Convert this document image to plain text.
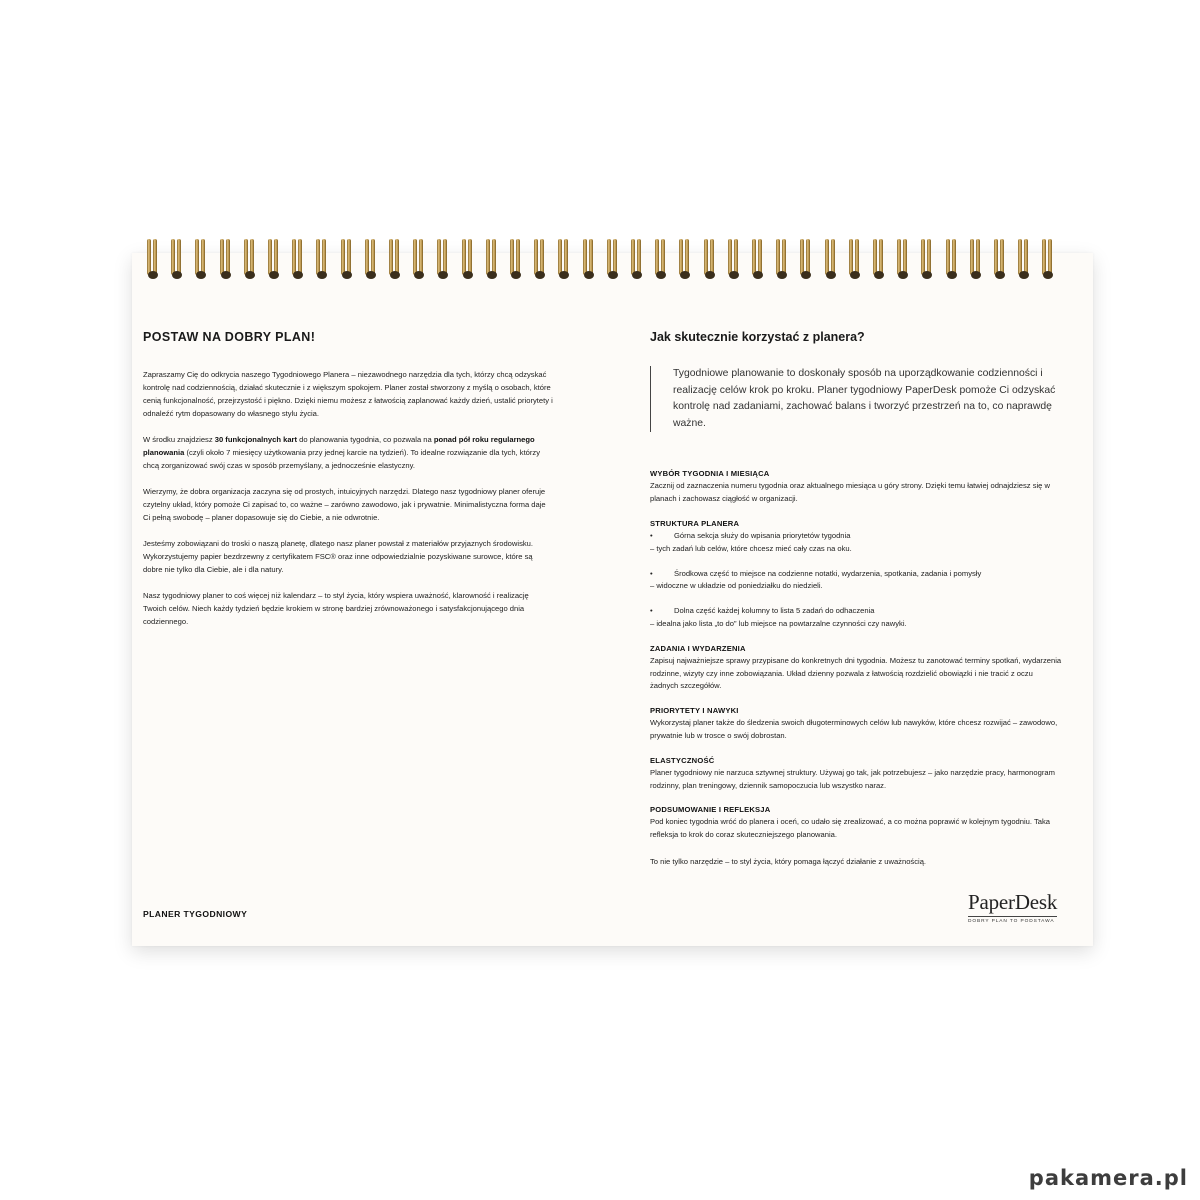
POSTAW NA DOBRY PLAN!

Zapraszamy Cię do odkrycia naszego Tygodniowego Planera – niezawodnego narzędzia dla tych, którzy chcą odzyskać kontrolę nad codziennością, działać skutecznie i z większym spokojem. Planer został stworzony z myślą o osobach, które cenią funkcjonalność, przejrzystość i piękno. Dzięki niemu możesz z łatwością zaplanować każdy dzień, ustalić priorytety i odnaleźć rytm dopasowany do własnego stylu życia.

W środku znajdziesz 30 funkcjonalnych kart do planowania tygodnia, co pozwala na ponad pół roku regularnego planowania (czyli około 7 miesięcy użytkowania przy jednej karcie na tydzień). To idealne rozwiązanie dla tych, którzy chcą zorganizować swój czas w sposób przemyślany, a jednocześnie elastyczny.

Wierzymy, że dobra organizacja zaczyna się od prostych, intuicyjnych narzędzi. Dlatego nasz tygodniowy planer oferuje czytelny układ, który pomoże Ci zapisać to, co ważne – zarówno zawodowo, jak i prywatnie. Minimalistyczna forma daje Ci pełną swobodę – planer dopasowuje się do Ciebie, a nie odwrotnie.

Jesteśmy zobowiązani do troski o naszą planetę, dlatego nasz planer powstał z materiałów przyjaznych środowisku. Wykorzystujemy papier bezdrzewny z certyfikatem FSC® oraz inne odpowiedzialnie pozyskiwane surowce, które są dobre nie tylko dla Ciebie, ale i dla natury.

Nasz tygodniowy planer to coś więcej niż kalendarz – to styl życia, który wspiera uważność, klarowność i realizację Twoich celów. Niech każdy tydzień będzie krokiem w stronę bardziej zrównoważonego i satysfakcjonującego dnia codziennego.

Jak skutecznie korzystać z planera?
Tygodniowe planowanie to doskonały sposób na uporządkowanie codzienności i realizację celów krok po kroku. Planer tygodniowy PaperDesk pomoże Ci odzyskać kontrolę nad zadaniami, zachować balans i tworzyć przestrzeń na to, co naprawdę ważne.
WYBÓR TYGODNIA I MIESIĄCA
Zacznij od zaznaczenia numeru tygodnia oraz aktualnego miesiąca u góry strony. Dzięki temu łatwiej odnajdziesz się w planach i zachowasz ciągłość w organizacji.
STRUKTURA PLANERA
•	Górna sekcja służy do wpisania priorytetów tygodnia
– tych zadań lub celów, które chcesz mieć cały czas na oku.
•	Środkowa część to miejsce na codzienne notatki, wydarzenia, spotkania, zadania i pomysły
– widoczne w układzie od poniedziałku do niedzieli.
•	Dolna część każdej kolumny to lista 5 zadań do odhaczenia
– idealna jako lista „to do” lub miejsce na powtarzalne czynności czy nawyki.
ZADANIA I WYDARZENIA
Zapisuj najważniejsze sprawy przypisane do konkretnych dni tygodnia. Możesz tu zanotować terminy spotkań, wydarzenia rodzinne, wizyty czy inne zobowiązania. Układ dzienny pozwala z łatwością rozdzielić obowiązki i nie tracić z oczu żadnych szczegółów.
PRIORYTETY I NAWYKI
Wykorzystaj planer także do śledzenia swoich długoterminowych celów lub nawyków, które chcesz rozwijać – zawodowo, prywatnie lub w trosce o swój dobrostan.
ELASTYCZNOŚĆ
Planer tygodniowy nie narzuca sztywnej struktury. Używaj go tak, jak potrzebujesz – jako narzędzie pracy, harmonogram rodzinny, plan treningowy, dziennik samopoczucia lub wszystko naraz.
PODSUMOWANIE I REFLEKSJA
Pod koniec tygodnia wróć do planera i oceń, co udało się zrealizować, a co można poprawić w kolejnym tygodniu. Taka refleksja to krok do coraz skuteczniejszego planowania.
To nie tylko narzędzie – to styl życia, który pomaga łączyć działanie z uważnością.
PLANER TYGODNIOWY	PaperDesk
DOBRY PLAN TO PODSTAWA
pakamera.pl
